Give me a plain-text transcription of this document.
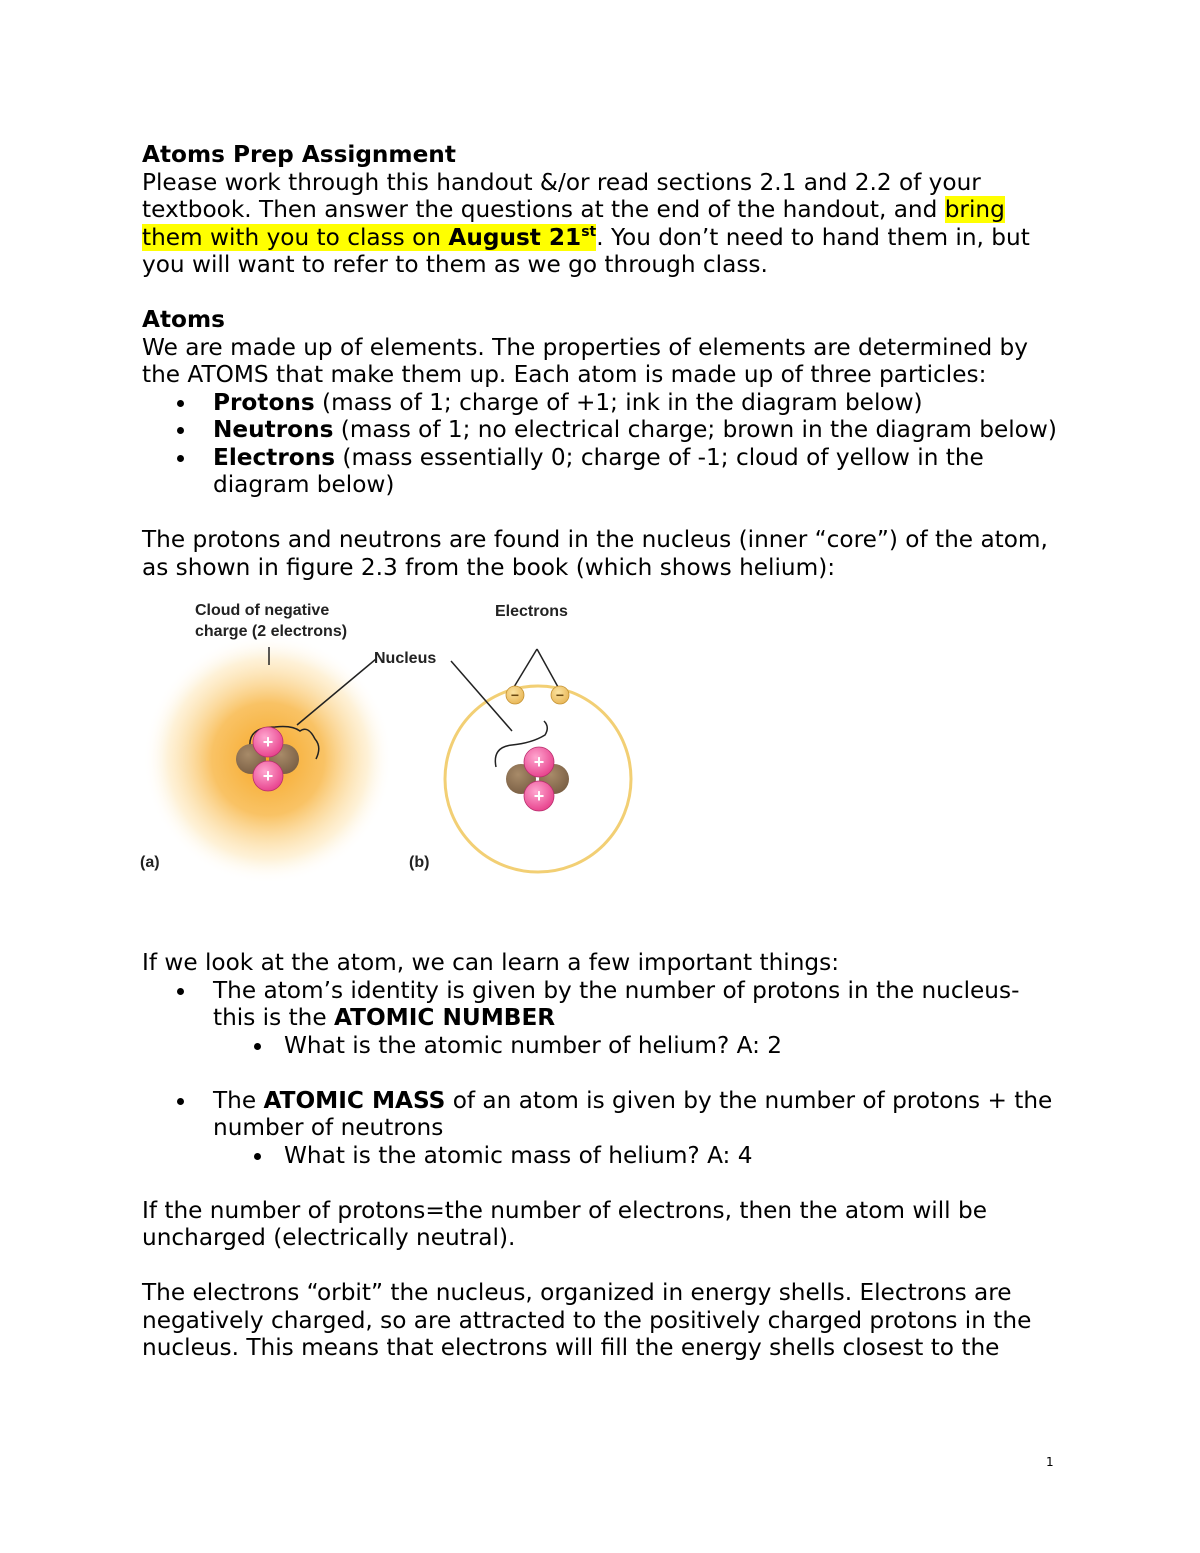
Atoms Prep Assignment

Please work through this handout &/or read sections 2.1 and 2.2 of your textbook. Then answer the questions at the end of the handout, and bring them with you to class on August 21st. You don’t need to hand them in, but you will want to refer to them as we go through class.

Atoms

We are made up of elements. The properties of elements are determined by the ATOMS that make them up. Each atom is made up of three particles:

Protons (mass of 1; charge of +1; ink in the diagram below)
Neutrons (mass of 1; no electrical charge; brown in the diagram below)
Electrons (mass essentially 0; charge of -1; cloud of yellow in the diagram below)

The protons and neutrons are found in the nucleus (inner “core”) of the atom, as shown in figure 2.3 from the book (which shows helium):

+
+
+
+
−	−
Cloud of negative
charge (2 electrons)
Nucleus
Electrons
(a)	(b)

If we look at the atom, we can learn a few important things:

The atom’s identity is given by the number of protons in the nucleus- this is the ATOMIC NUMBER
What is the atomic number of helium? A: 2
The ATOMIC MASS of an atom is given by the number of protons + the number of neutrons
What is the atomic mass of helium? A: 4

If the number of protons=the number of electrons, then the atom will be uncharged (electrically neutral).

The electrons “orbit” the nucleus, organized in energy shells. Electrons are negatively charged, so are attracted to the positively charged protons in the nucleus. This means that electrons will fill the energy shells closest to the

1
